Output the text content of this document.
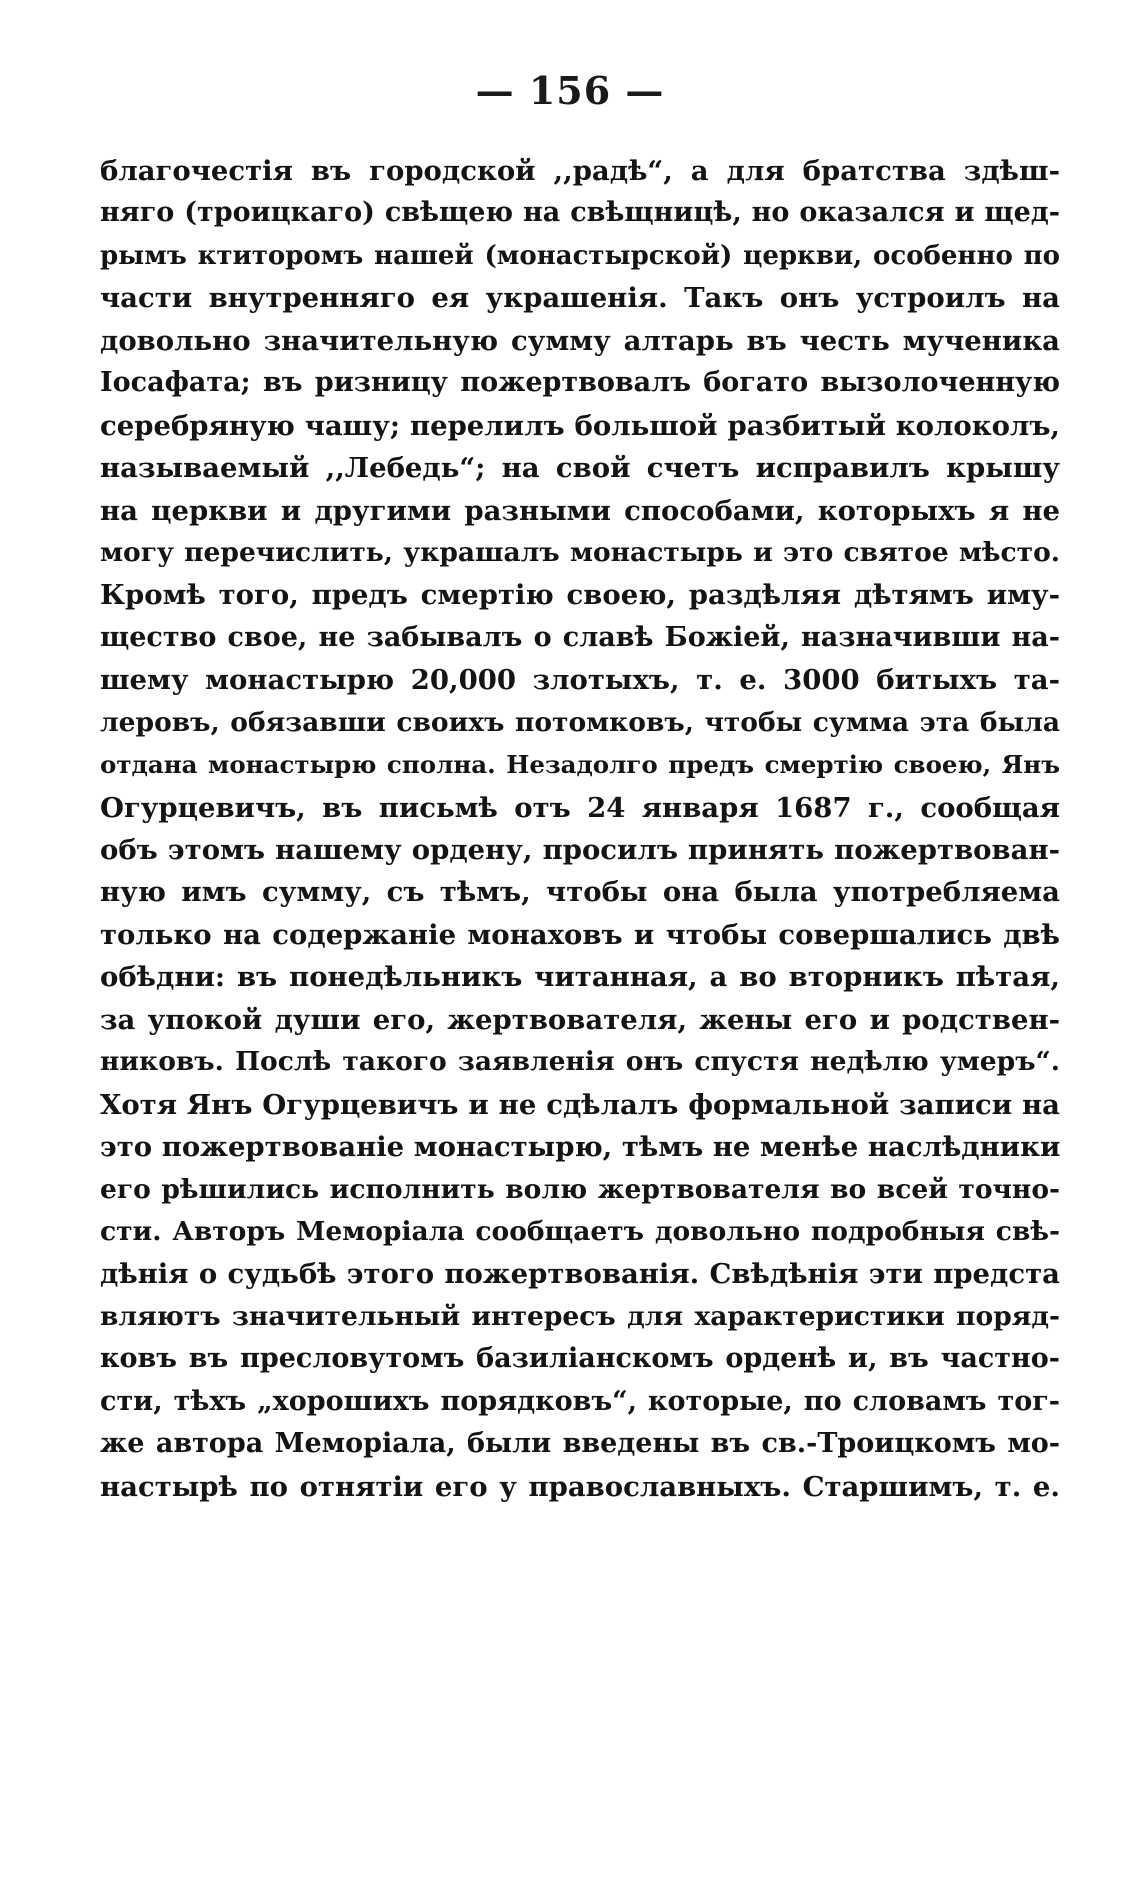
— 156 —
благочестія въ городской ,,радѣ“, а для братства здѣш-
няго (троицкаго) свѣщею на свѣщницѣ, но оказался и щед-
рымъ ктиторомъ нашей (монастырской) церкви, особенно по
части внутренняго ея украшенія. Такъ онъ устроилъ на
довольно значительную сумму алтарь въ честь мученика
Іосафата; въ ризницу пожертвовалъ богато вызолоченную
серебряную чашу; перелилъ большой разбитый колоколъ,
называемый ,,Лебедь“; на свой счетъ исправилъ крышу
на церкви и другими разными способами, которыхъ я не
могу перечислить, украшалъ монастырь и это святое мѣсто.
Кромѣ того, предъ смертію своею, раздѣляя дѣтямъ иму-
щество свое, не забывалъ о славѣ Божіей, назначивши на-
шему монастырю 20,000 злотыхъ, т. е. 3000 битыхъ та-
леровъ, обязавши своихъ потомковъ, чтобы сумма эта была
отдана монастырю сполна. Незадолго предъ смертію своею, Янъ
Огурцевичъ, въ письмѣ отъ 24 января 1687 г., сообщая
объ этомъ нашему ордену, просилъ принять пожертвован-
ную имъ сумму, съ тѣмъ, чтобы она была употребляема
только на содержаніе монаховъ и чтобы совершались двѣ
обѣдни: въ понедѣльникъ читанная, а во вторникъ пѣтая,
за упокой души его, жертвователя, жены его и родствен-
никовъ. Послѣ такого заявленія онъ спустя недѣлю умеръ“.
Хотя Янъ Огурцевичъ и не сдѣлалъ формальной записи на
это пожертвованіе монастырю, тѣмъ не менѣе наслѣдники
его рѣшились исполнить волю жертвователя во всей точно-
сти. Авторъ Меморіала сообщаетъ довольно подробныя свѣ-
дѣнія о судьбѣ этого пожертвованія. Свѣдѣнія эти предста
вляютъ значительный интересъ для характеристики поряд-
ковъ въ пресловутомъ базиліанскомъ орденѣ и, въ частно-
сти, тѣхъ „хорошихъ порядковъ“, которые, по словамъ тог-
же автора Меморіала, были введены въ св.-Троицкомъ мо-
настырѣ по отнятіи его у православныхъ. Старшимъ, т. е.
